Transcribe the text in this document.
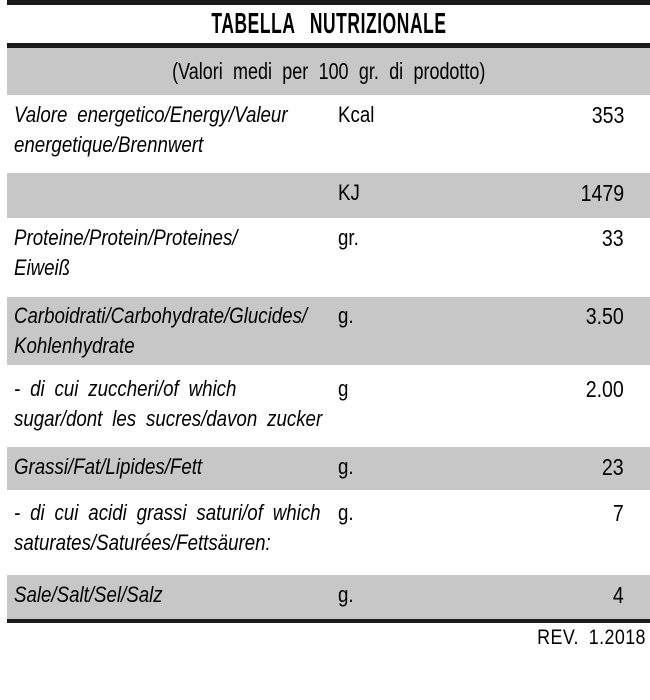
TABELLA NUTRIZIONALE
(Valori medi per 100 gr. di prodotto)
Valore energetico/Energy/Valeur
energetique/Brennwert
Kcal	353
KJ	1479
Proteine/Protein/Proteines/
Eiweiß
gr.	33
Carboidrati/Carbohydrate/Glucides/
Kohlenhydrate
g.	3.50
- di cui zuccheri/of which
sugar/dont les sucres/davon zucker
g	2.00
Grassi/Fat/Lipides/Fett	g.	23
- di cui acidi grassi saturi/of which
saturates/Saturées/Fettsäuren:
g.	7
Sale/Salt/Sel/Salz	g.	4
REV. 1.2018
